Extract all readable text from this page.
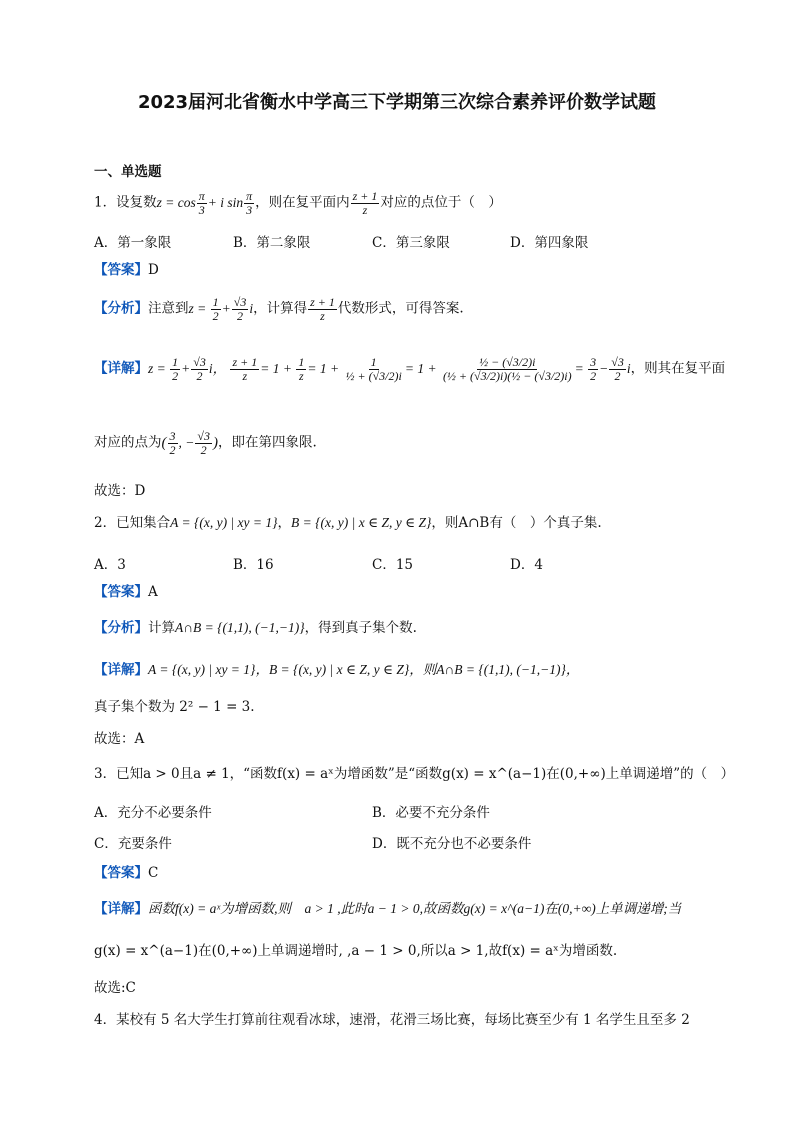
2023届河北省衡水中学高三下学期第三次综合素养评价数学试题
一、单选题
1．设复数$z = \cos \frac{\pi}{3} + i$ $\sin \frac{\pi}{3}$ ，则在复平面内 $\frac{z + 1}{z}$ 对应的点位于（　）
A．第一象限	B．第二象限	C．第三象限	D．第四象限
【答案】D
【分析】注意到$z = \frac{1}{2} + \frac{√3}{2}$ i，计算得 $\frac{z + 1}{z}$ 代数形式，可得答案.
【详解】$z = \frac{1}{2} + \frac{√3}{2}$ i， $\frac{z + 1}{z} = 1 + \frac{1}{z} = 1 + \frac{1}{\text{½ + (√3/2)i}} = 1 + \frac{\text{½ − (√3/2)i}}{\text{(½ + (√3/2)i)(½ − (√3/2)i)}} = \frac{3}{2} - \frac{√3}{2}$ i，则其在复平面
对应的点为( $\frac{3}{2}$ , − $\frac{√3}{2}$ )，即在第四象限.
故选：D
2．已知集合A = {(x, y) | xy = 1}，B = {(x, y) | x ∈ Z, y ∈ Z}，则A∩B有（　）个真子集.
A．3	B．16	C．15	D．4
【答案】A
【分析】计算A∩B = {(1,1), (−1,−1)}，得到真子集个数.
【详解】A = {(x, y) | xy = 1}，B = {(x, y) | x ∈ Z, y ∈ Z}，则A∩B = {(1,1), (−1,−1)}，
真子集个数为 2² − 1 = 3.
故选：A
3．已知a > 0且a ≠ 1，“函数f(x) = aˣ为增函数”是“函数g(x) = x^(a−1)在(0,+∞)上单调递增”的（　）
A．充分不必要条件	B．必要不充分条件
C．充要条件	D．既不充分也不必要条件
【答案】C
【详解】函数f(x) = aˣ为增函数,则　a > 1 ,此时a − 1 > 0,故函数g(x) = x^(a−1)在(0,+∞)上单调递增;当
g(x) = x^(a−1)在(0,+∞)上单调递增时, ,a − 1 > 0,所以a > 1,故f(x) = aˣ为增函数.
故选:C
4．某校有 5 名大学生打算前往观看冰球，速滑，花滑三场比赛，每场比赛至少有 1 名学生且至多 2
